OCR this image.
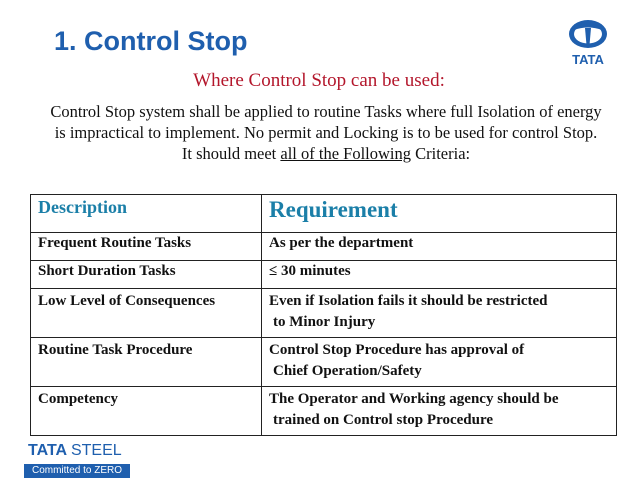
1. Control Stop
TATA
Where Control Stop can be used:
Control Stop system shall be applied to routine Tasks where full Isolation of energy is impractical to implement. No permit and Locking is to be used for control Stop. It should meet all of the Following Criteria:
Description	Requirement
Frequent Routine Tasks	As per the department
Short Duration Tasks	≤ 30 minutes
Low Level of Consequences	Even if Isolation fails it should be restricted
to Minor Injury

Routine Task Procedure	Control Stop Procedure has approval of
Chief Operation/Safety

Competency	The Operator and Working agency should be
trained on Control stop Procedure
TATA STEEL
Committed to ZERO
